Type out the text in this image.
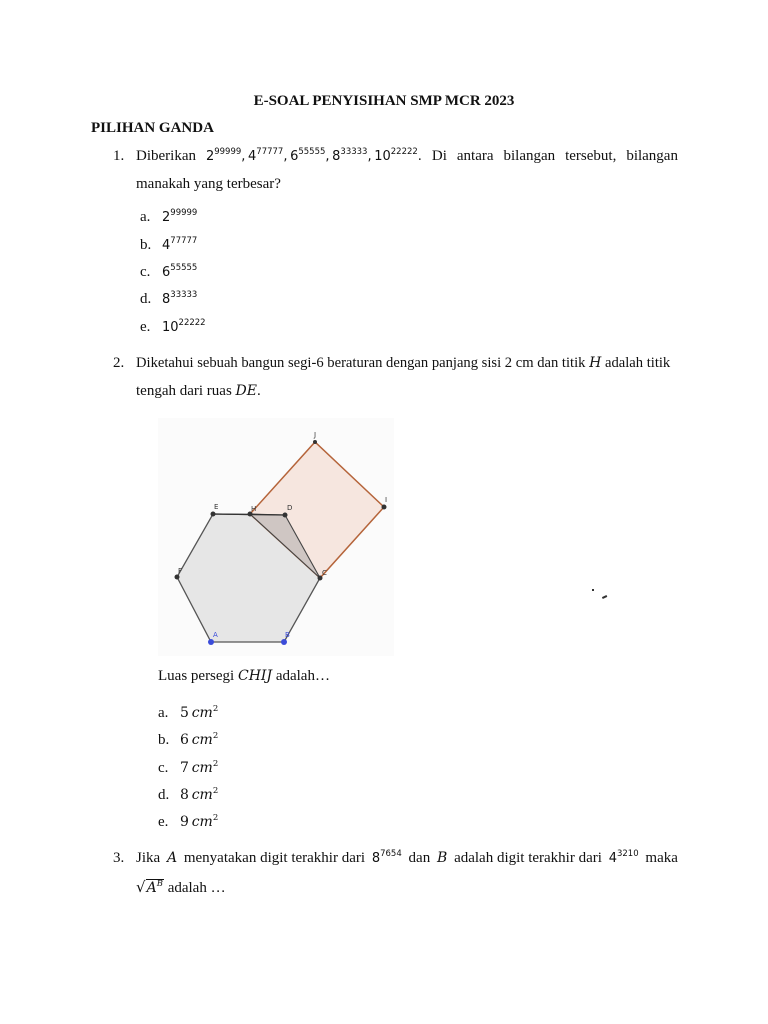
E-SOAL PENYISIHAN SMP MCR 2023
PILIHAN GANDA
1. Diberikan $2^{99999}$, $4^{77777}$, $6^{55555}$, $8^{33333}$, $10^{22222}$. Di antara bilangan tersebut, bilangan
manakah yang terbesar?
a. $2^{99999}$
b. $4^{77777}$
c. $6^{55555}$
d. $8^{33333}$
e. $10^{22222}$
2. Diketahui sebuah bangun segi-6 beraturan dengan panjang sisi 2 cm dan titik H adalah titik
tengah dari ruas DE.
E	H	D
C
F
I
J
A	B
Luas persegi CHIJ adalah…
a. 5  $cm^2$
b. 6  $cm^2$
c. 7  $cm^2$
d. 8  $cm^2$
e. 9  $cm^2$
3. Jika A menyatakan digit terakhir dari $8^{7654}$ dan B adalah digit terakhir dari $4^{3210}$ maka
$√A^B$ adalah …
